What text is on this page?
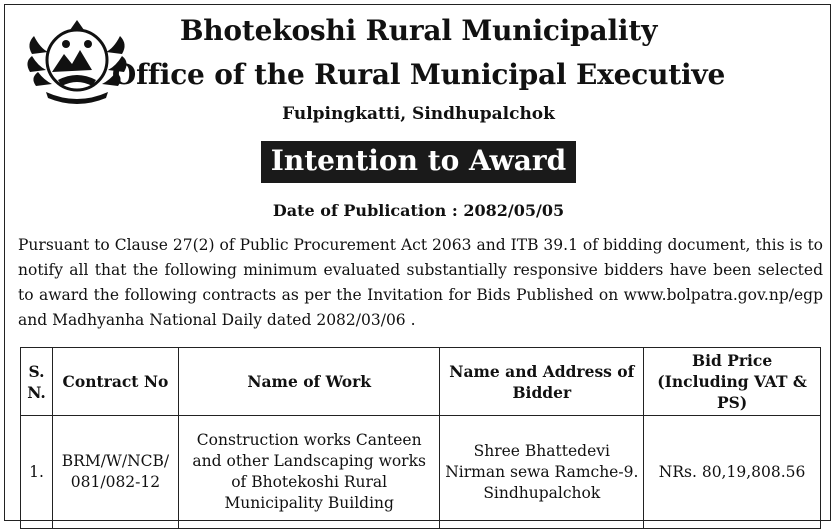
Bhotekoshi Rural Municipality
Office of the Rural Municipal Executive
Fulpingkatti, Sindhupalchok
Intention to Award
Date of Publication : 2082/05/05
Pursuant to Clause 27(2) of Public Procurement Act 2063 and ITB 39.1 of bidding document, this is to notify all that the following minimum evaluated substantially responsive bidders have been selected to award the following contracts as per the Invitation for Bids Published on www.bolpatra.gov.np/egp and Madhyanha National Daily dated 2082/03/06 .
S. N.	Contract No	Name of Work	Name and Address of Bidder	Bid Price (Including VAT & PS)
1.	BRM/W/NCB/ 081/082-12	Construction works Canteen and other Landscaping works of Bhotekoshi Rural Municipality Building	Shree Bhattedevi Nirman sewa Ramche-9. Sindhupalchok	NRs. 80,19,808.56
